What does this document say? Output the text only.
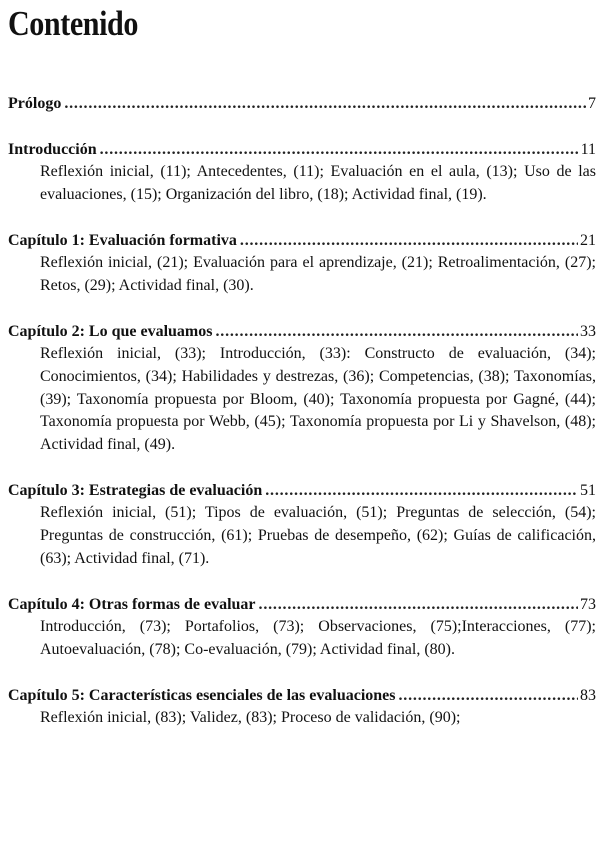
Contenido
Prólogo . . .	7
Introducción . . .	11

Reflexión inicial, (11); Antecedentes, (11); Evaluación en el aula, (13); Uso de las evaluaciones, (15); Organización del libro, (18); Actividad final, (19).

Capítulo 1: Evaluación formativa . . .	21

Reflexión inicial, (21); Evaluación para el aprendizaje, (21); Retroalimentación, (27); Retos, (29); Actividad final, (30).

Capítulo 2: Lo que evaluamos . . .	33

Reflexión inicial, (33); Introducción, (33): Constructo de evaluación, (34); Conocimientos, (34); Habilidades y destrezas, (36); Competencias, (38); Taxonomías, (39); Taxonomía propuesta por Bloom, (40); Taxonomía propuesta por Gagné, (44); Taxonomía propuesta por Webb, (45); Taxonomía propuesta por Li y Shavelson, (48); Actividad final, (49).

Capítulo 3: Estrategias de evaluación . . .	51

Reflexión inicial, (51); Tipos de evaluación, (51); Preguntas de selección, (54); Preguntas de construcción, (61); Pruebas de desempeño, (62); Guías de calificación, (63); Actividad final, (71).

Capítulo 4: Otras formas de evaluar . . .	73

Introducción, (73); Portafolios, (73); Observaciones, (75);Interacciones, (77); Autoevaluación, (78); Co-evaluación, (79); Actividad final, (80).

Capítulo 5: Características esenciales de las evaluaciones . . .	83

Reflexión inicial, (83); Validez, (83); Proceso de validación, (90);
